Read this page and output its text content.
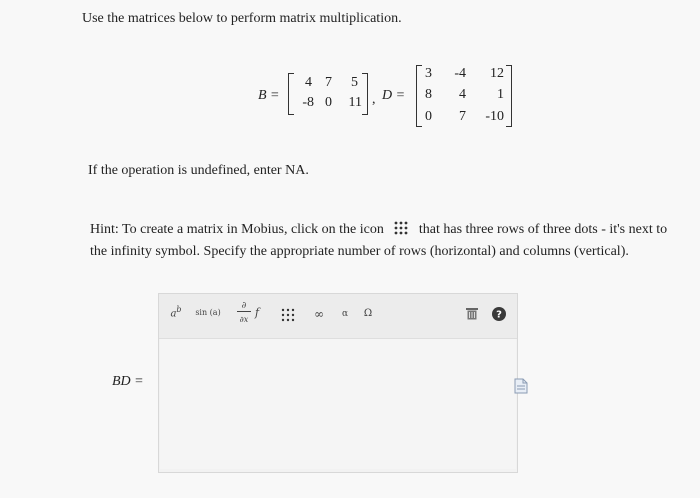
Use the matrices below to perform matrix multiplication.
B =
4 7	5
-8 0	11 , D =
3	-4	12
8	4	1
0	7 -10
If the operation is undefined, enter NA.
Hint: To create a matrix in Mobius, click on the icon	that has three rows of three dots - it's next to
the infinity symbol. Specify the appropriate number of rows (horizontal) and columns (vertical).
BD =
$a^b$	sin (a)
∂
∂x
f	∞	α Ω	?
